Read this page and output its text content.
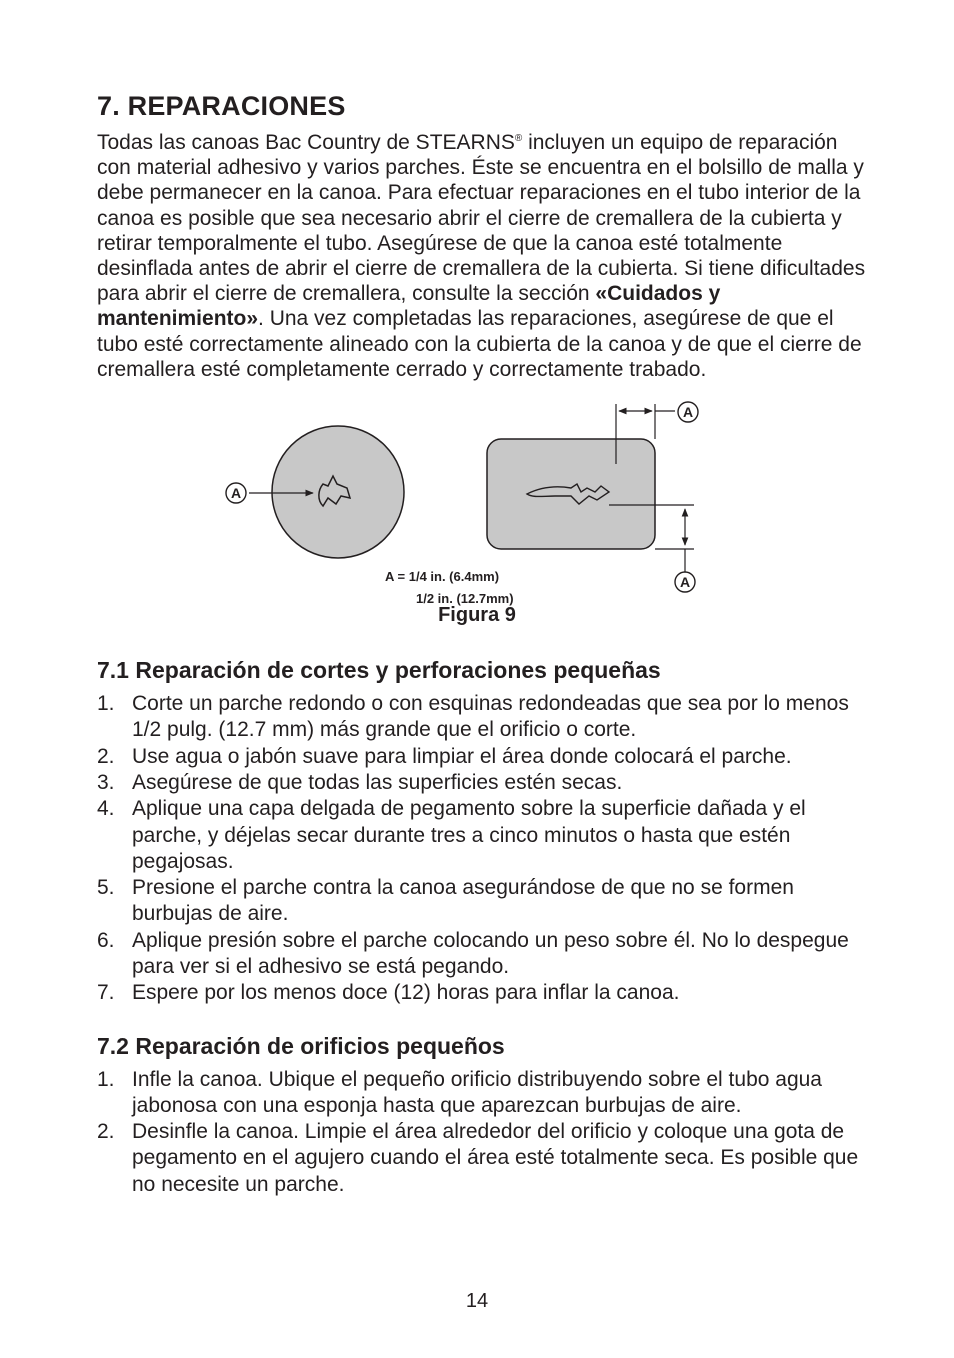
7. REPARACIONES

Todas las canoas Bac Country de STEARNS® incluyen un equipo de reparación con material adhesivo y varios parches. Éste se encuentra en el bolsillo de malla y debe permanecer en la canoa. Para efectuar reparaciones en el tubo interior de la canoa es posible que sea necesario abrir el cierre de cremallera de la cubierta y retirar temporalmente el tubo. Asegúrese de que la canoa esté totalmente desinflada antes de abrir el cierre de cremallera de la cubierta. Si tiene dificultades para abrir el cierre de cremallera, consulte la sección «Cuidados y mantenimiento». Una vez completadas las reparaciones, asegúrese de que el tubo esté correctamente alineado con la cubierta de la canoa y de que el cierre de cremallera esté completamente cerrado y correctamente trabado.

A
A
A
A = 1/4 in. (6.4mm)
1/2 in. (12.7mm)
Figura 9
7.1 Reparación de cortes y perforaciones pequeñas
1. Corte un parche redondo o con esquinas redondeadas que sea por lo menos 1/2 pulg. (12.7 mm) más grande que el orificio o corte.
2. Use agua o jabón suave para limpiar el área donde colocará el parche.
3. Asegúrese de que todas las superficies estén secas.
4. Aplique una capa delgada de pegamento sobre la superficie dañada y el parche, y déjelas secar durante tres a cinco minutos o hasta que estén pegajosas.
5. Presione el parche contra la canoa asegurándose de que no se formen burbujas de aire.
6. Aplique presión sobre el parche colocando un peso sobre él. No lo despegue para ver si el adhesivo se está pegando.
7. Espere por los menos doce (12) horas para inflar la canoa.
7.2 Reparación de orificios pequeños
1. Infle la canoa. Ubique el pequeño orificio distribuyendo sobre el tubo agua jabonosa con una esponja hasta que aparezcan burbujas de aire.
2. Desinfle la canoa. Limpie el área alrededor del orificio y coloque una gota de pegamento en el agujero cuando el área esté totalmente seca. Es posible que no necesite un parche.
14
